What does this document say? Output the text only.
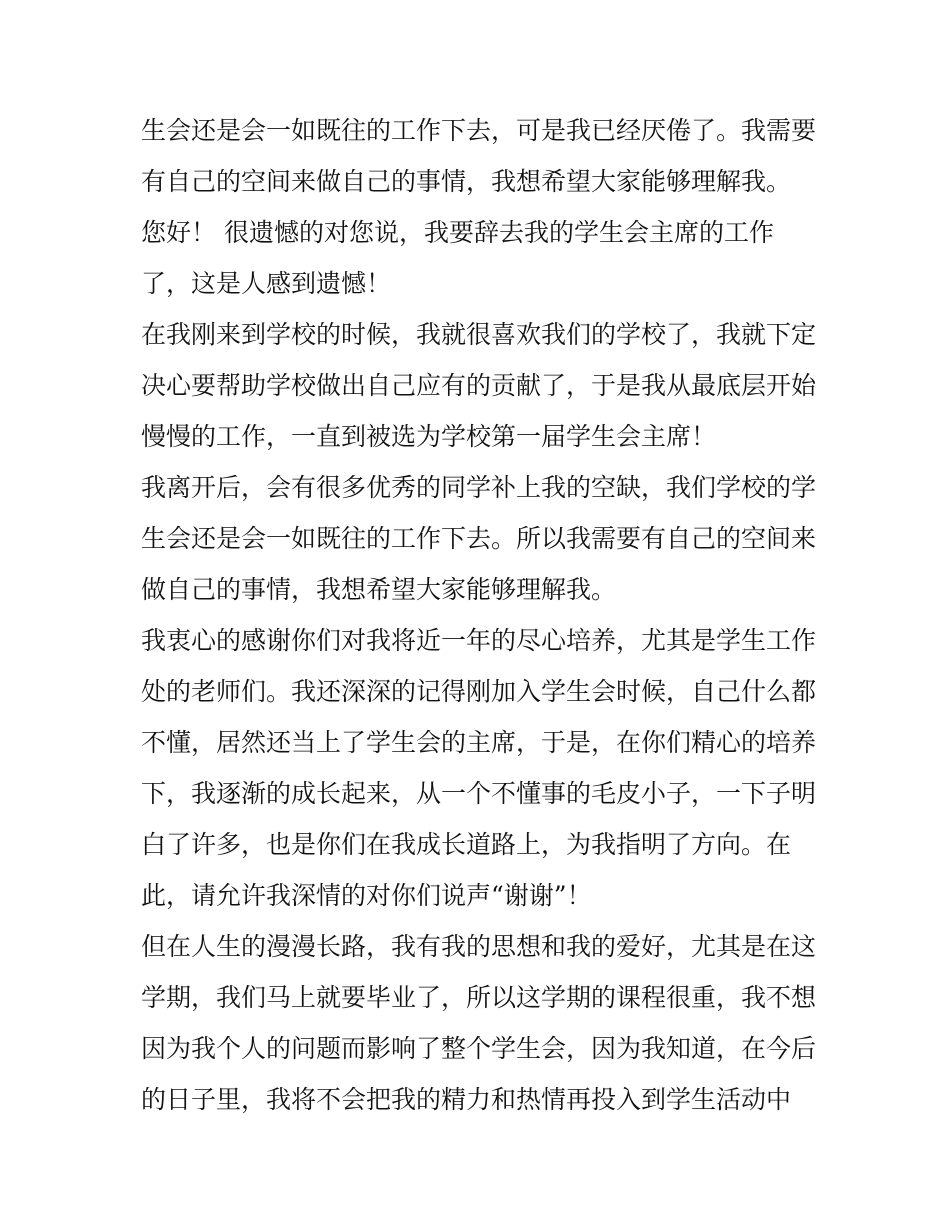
生会还是会一如既往的工作下去，可是我已经厌倦了。我需要
有自己的空间来做自己的事情，我想希望大家能够理解我。
您好！ 很遗憾的对您说，我要辞去我的学生会主席的工作
了，这是人感到遗憾！
在我刚来到学校的时候，我就很喜欢我们的学校了，我就下定
决心要帮助学校做出自己应有的贡献了，于是我从最底层开始
慢慢的工作，一直到被选为学校第一届学生会主席！
我离开后，会有很多优秀的同学补上我的空缺，我们学校的学
生会还是会一如既往的工作下去。所以我需要有自己的空间来
做自己的事情，我想希望大家能够理解我。
我衷心的感谢你们对我将近一年的尽心培养，尤其是学生工作
处的老师们。我还深深的记得刚加入学生会时候，自己什么都
不懂，居然还当上了学生会的主席，于是，在你们精心的培养
下，我逐渐的成长起来，从一个不懂事的毛皮小子，一下子明
白了许多，也是你们在我成长道路上，为我指明了方向。在
此，请允许我深情的对你们说声“谢谢”！
但在人生的漫漫长路，我有我的思想和我的爱好，尤其是在这
学期，我们马上就要毕业了，所以这学期的课程很重，我不想
因为我个人的问题而影响了整个学生会，因为我知道，在今后
的日子里，我将不会把我的精力和热情再投入到学生活动中
